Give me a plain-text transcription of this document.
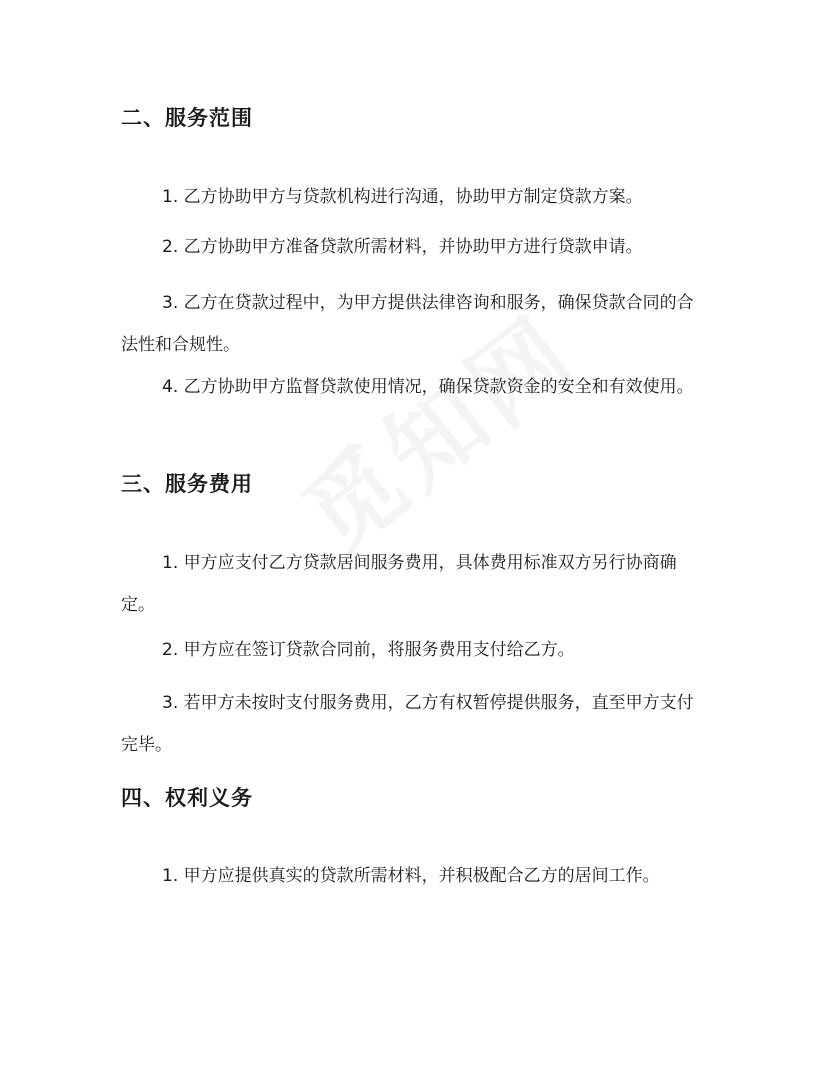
二、服务范围

1. 乙方协助甲方与贷款机构进行沟通，协助甲方制定贷款方案。

2. 乙方协助甲方准备贷款所需材料，并协助甲方进行贷款申请。

3. 乙方在贷款过程中，为甲方提供法律咨询和服务，确保贷款合同的合法性和合规性。

4. 乙方协助甲方监督贷款使用情况，确保贷款资金的安全和有效使用。

三、服务费用

1. 甲方应支付乙方贷款居间服务费用，具体费用标准双方另行协商确定。

2. 甲方应在签订贷款合同前，将服务费用支付给乙方。

3. 若甲方未按时支付服务费用，乙方有权暂停提供服务，直至甲方支付完毕。

四、权利义务

1. 甲方应提供真实的贷款所需材料，并积极配合乙方的居间工作。
